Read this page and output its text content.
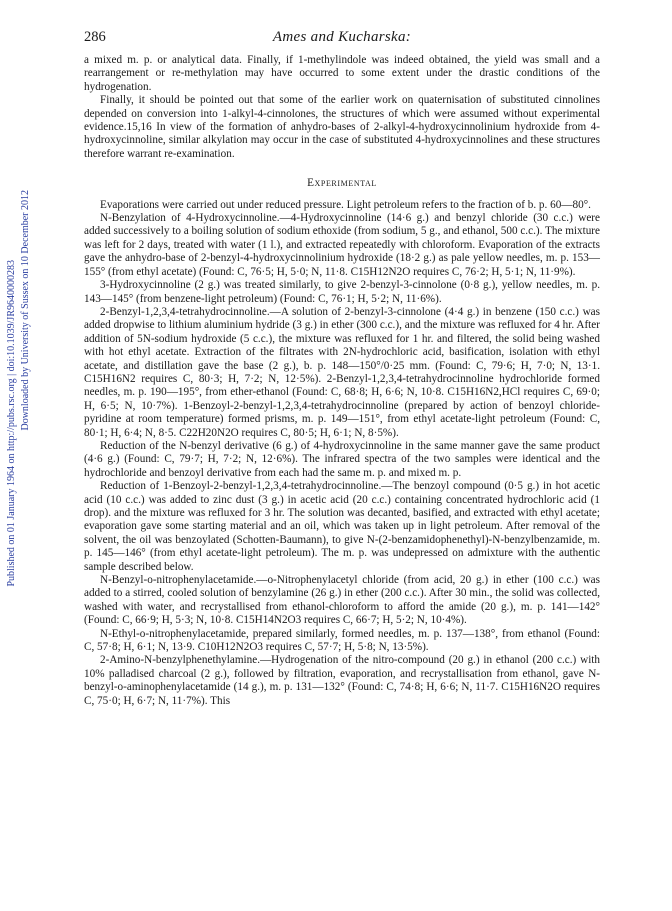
286	Ames and Kucharska:
Published on 01 January 1964 on http://pubs.rsc.org | doi:10.1039/JR9640000283 Downloaded by University of Sussex on 10 December 2012

a mixed m. p. or analytical data. Finally, if 1-methylindole was indeed obtained, the yield was small and a rearrangement or re-methylation may have occurred to some extent under the drastic conditions of the hydrogenation.

Finally, it should be pointed out that some of the earlier work on quaternisation of substituted cinnolines depended on conversion into 1-alkyl-4-cinnolones, the structures of which were assumed without experimental evidence.15,16 In view of the formation of anhydro-bases of 2-alkyl-4-hydroxycinnolinium hydroxide from 4-hydroxycinnoline, similar alkylation may occur in the case of substituted 4-hydroxycinnolines and these structures therefore warrant re-examination.

Experimental

Evaporations were carried out under reduced pressure. Light petroleum refers to the fraction of b. p. 60—80°.

N-Benzylation of 4-Hydroxycinnoline.—4-Hydroxycinnoline (14·6 g.) and benzyl chloride (30 c.c.) were added successively to a boiling solution of sodium ethoxide (from sodium, 5 g., and ethanol, 500 c.c.). The mixture was left for 2 days, treated with water (1 l.), and extracted repeatedly with chloroform. Evaporation of the extracts gave the anhydro-base of 2-benzyl-4-hydroxycinnolinium hydroxide (18·2 g.) as pale yellow needles, m. p. 153—155° (from ethyl acetate) (Found: C, 76·5; H, 5·0; N, 11·8. C15H12N2O requires C, 76·2; H, 5·1; N, 11·9%).

3-Hydroxycinnoline (2 g.) was treated similarly, to give 2-benzyl-3-cinnolone (0·8 g.), yellow needles, m. p. 143—145° (from benzene-light petroleum) (Found: C, 76·1; H, 5·2; N, 11·6%).

2-Benzyl-1,2,3,4-tetrahydrocinnoline.—A solution of 2-benzyl-3-cinnolone (4·4 g.) in benzene (150 c.c.) was added dropwise to lithium aluminium hydride (3 g.) in ether (300 c.c.), and the mixture was refluxed for 4 hr. After addition of 5N-sodium hydroxide (5 c.c.), the mixture was refluxed for 1 hr. and filtered, the solid being washed with hot ethyl acetate. Extraction of the filtrates with 2N-hydrochloric acid, basification, isolation with ethyl acetate, and distillation gave the base (2 g.), b. p. 148—150°/0·25 mm. (Found: C, 79·6; H, 7·0; N, 13·1. C15H16N2 requires C, 80·3; H, 7·2; N, 12·5%). 2-Benzyl-1,2,3,4-tetrahydrocinnoline hydrochloride formed needles, m. p. 190—195°, from ether-ethanol (Found: C, 68·8; H, 6·6; N, 10·8. C15H16N2,HCl requires C, 69·0; H, 6·5; N, 10·7%). 1-Benzoyl-2-benzyl-1,2,3,4-tetrahydrocinnoline (prepared by action of benzoyl chloride-pyridine at room temperature) formed prisms, m. p. 149—151°, from ethyl acetate-light petroleum (Found: C, 80·1; H, 6·4; N, 8·5. C22H20N2O requires C, 80·5; H, 6·1; N, 8·5%).

Reduction of the N-benzyl derivative (6 g.) of 4-hydroxycinnoline in the same manner gave the same product (4·6 g.) (Found: C, 79·7; H, 7·2; N, 12·6%). The infrared spectra of the two samples were identical and the hydrochloride and benzoyl derivative from each had the same m. p. and mixed m. p.

Reduction of 1-Benzoyl-2-benzyl-1,2,3,4-tetrahydrocinnoline.—The benzoyl compound (0·5 g.) in hot acetic acid (10 c.c.) was added to zinc dust (3 g.) in acetic acid (20 c.c.) containing concentrated hydrochloric acid (1 drop). and the mixture was refluxed for 3 hr. The solution was decanted, basified, and extracted with ethyl acetate; evaporation gave some starting material and an oil, which was taken up in light petroleum. After removal of the solvent, the oil was benzoylated (Schotten-Baumann), to give N-(2-benzamidophenethyl)-N-benzylbenzamide, m. p. 145—146° (from ethyl acetate-light petroleum). The m. p. was undepressed on admixture with the authentic sample described below.

N-Benzyl-o-nitrophenylacetamide.—o-Nitrophenylacetyl chloride (from acid, 20 g.) in ether (100 c.c.) was added to a stirred, cooled solution of benzylamine (26 g.) in ether (200 c.c.). After 30 min., the solid was collected, washed with water, and recrystallised from ethanol-chloroform to afford the amide (20 g.), m. p. 141—142° (Found: C, 66·9; H, 5·3; N, 10·8. C15H14N2O3 requires C, 66·7; H, 5·2; N, 10·4%).

N-Ethyl-o-nitrophenylacetamide, prepared similarly, formed needles, m. p. 137—138°, from ethanol (Found: C, 57·8; H, 6·1; N, 13·9. C10H12N2O3 requires C, 57·7; H, 5·8; N, 13·5%).

2-Amino-N-benzylphenethylamine.—Hydrogenation of the nitro-compound (20 g.) in ethanol (200 c.c.) with 10% palladised charcoal (2 g.), followed by filtration, evaporation, and recrystallisation from ethanol, gave N-benzyl-o-aminophenylacetamide (14 g.), m. p. 131—132° (Found: C, 74·8; H, 6·6; N, 11·7. C15H16N2O requires C, 75·0; H, 6·7; N, 11·7%). This
